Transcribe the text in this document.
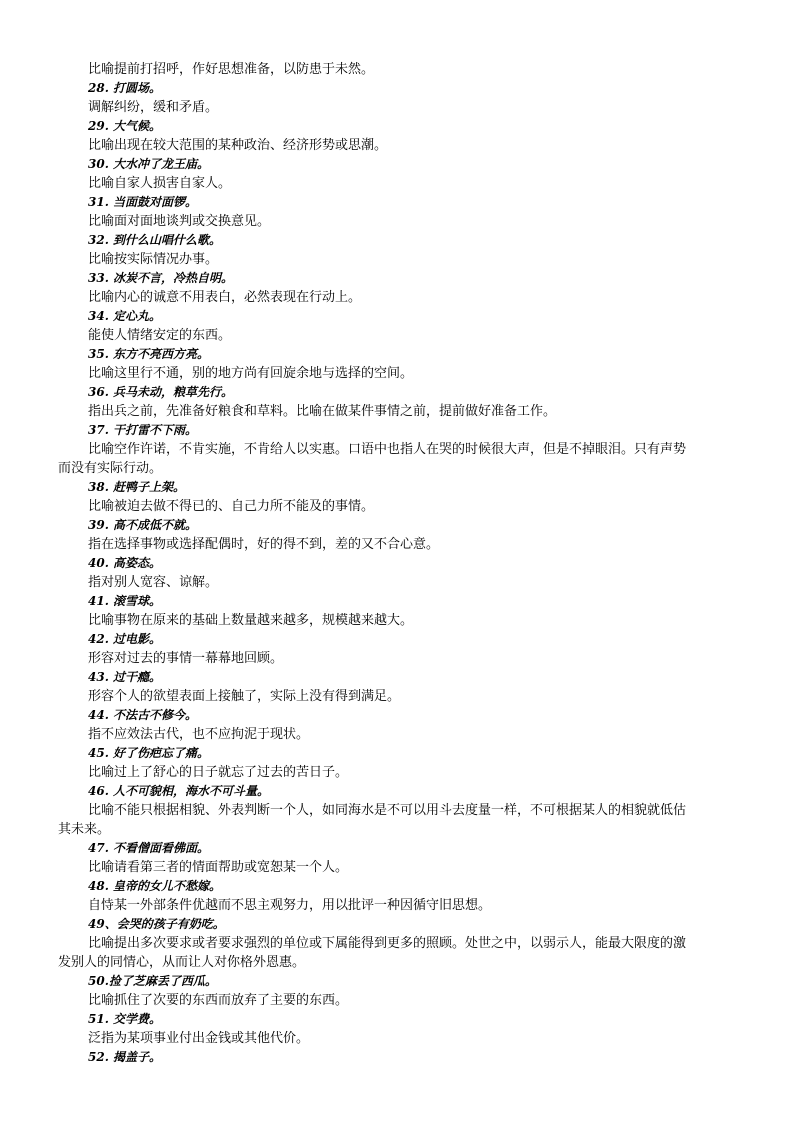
比喻提前打招呼，作好思想准备，以防患于未然。
28. 打圆场。
调解纠纷，缓和矛盾。
29. 大气候。
比喻出现在较大范围的某种政治、经济形势或思潮。
30. 大水冲了龙王庙。
比喻自家人损害自家人。
31. 当面鼓对面锣。
比喻面对面地谈判或交换意见。
32. 到什么山唱什么歌。
比喻按实际情况办事。
33. 冰炭不言，冷热自明。
比喻内心的诚意不用表白，必然表现在行动上。
34. 定心丸。
能使人情绪安定的东西。
35. 东方不亮西方亮。
比喻这里行不通，别的地方尚有回旋余地与选择的空间。
36. 兵马未动，粮草先行。
指出兵之前，先准备好粮食和草料。比喻在做某件事情之前，提前做好准备工作。
37. 干打雷不下雨。
比喻空作许诺，不肯实施，不肯给人以实惠。口语中也指人在哭的时候很大声，但是不掉眼泪。只有声势
而没有实际行动。
38. 赶鸭子上架。
比喻被迫去做不得已的、自己力所不能及的事情。
39. 高不成低不就。
指在选择事物或选择配偶时，好的得不到，差的又不合心意。
40. 高姿态。
指对别人宽容、谅解。
41. 滚雪球。
比喻事物在原来的基础上数量越来越多，规模越来越大。
42. 过电影。
形容对过去的事情一幕幕地回顾。
43. 过干瘾。
形容个人的欲望表面上接触了，实际上没有得到满足。
44. 不法古不修今。
指不应效法古代，也不应拘泥于现状。
45. 好了伤疤忘了痛。
比喻过上了舒心的日子就忘了过去的苦日子。
46. 人不可貌相，海水不可斗量。
比喻不能只根据相貌、外表判断一个人，如同海水是不可以用斗去度量一样，不可根据某人的相貌就低估
其未来。
47. 不看僧面看佛面。
比喻请看第三者的情面帮助或宽恕某一个人。
48. 皇帝的女儿不愁嫁。
自恃某一外部条件优越而不思主观努力，用以批评一种因循守旧思想。
49、会哭的孩子有奶吃。
比喻提出多次要求或者要求强烈的单位或下属能得到更多的照顾。处世之中，以弱示人，能最大限度的激
发别人的同情心，从而让人对你格外恩惠。
50.捡了芝麻丢了西瓜。
比喻抓住了次要的东西而放弃了主要的东西。
51. 交学费。
泛指为某项事业付出金钱或其他代价。
52. 揭盖子。
